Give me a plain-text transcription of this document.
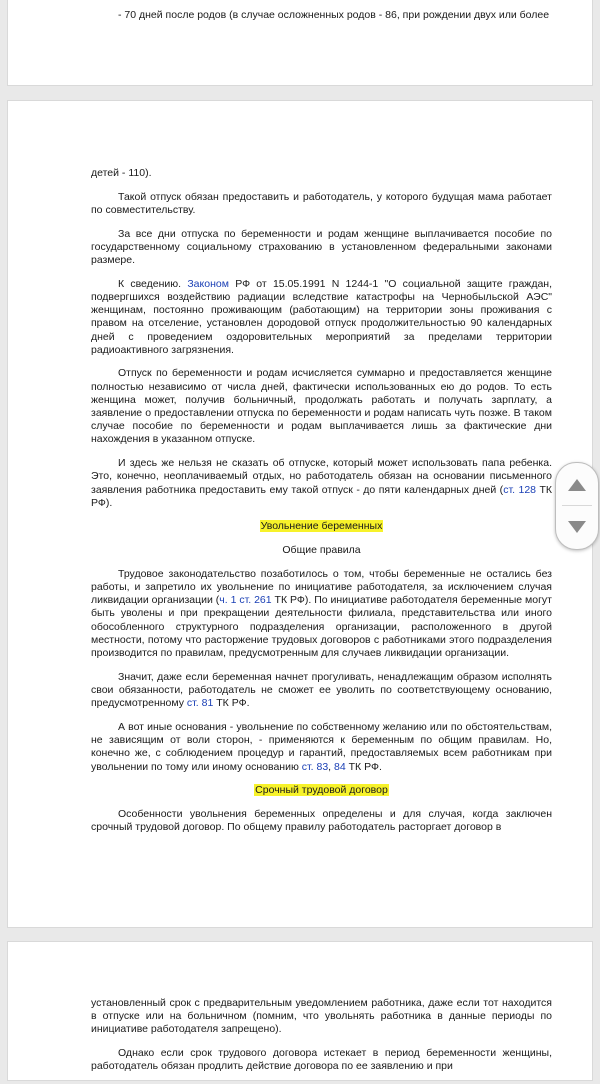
- 70 дней после родов (в случае осложненных родов - 86, при рождении двух или более

детей - 110).

Такой отпуск обязан предоставить и работодатель, у которого будущая мама работает по совместительству.

За все дни отпуска по беременности и родам женщине выплачивается пособие по государственному социальному страхованию в установленном федеральными законами размере.

К сведению. Законом РФ от 15.05.1991 N 1244-1 "О социальной защите граждан, подвергшихся воздействию радиации вследствие катастрофы на Чернобыльской АЭС" женщинам, постоянно проживающим (работающим) на территории зоны проживания с правом на отселение, установлен дородовой отпуск продолжительностью 90 календарных дней с проведением оздоровительных мероприятий за пределами территории радиоактивного загрязнения.

Отпуск по беременности и родам исчисляется суммарно и предоставляется женщине полностью независимо от числа дней, фактически использованных ею до родов. То есть женщина может, получив больничный, продолжать работать и получать зарплату, а заявление о предоставлении отпуска по беременности и родам написать чуть позже. В таком случае пособие по беременности и родам выплачивается лишь за фактические дни нахождения в указанном отпуске.

И здесь же нельзя не сказать об отпуске, который может использовать папа ребенка. Это, конечно, неоплачиваемый отдых, но работодатель обязан на основании письменного заявления работника предоставить ему такой отпуск - до пяти календарных дней (ст. 128 ТК РФ).

Увольнение беременных

Общие правила

Трудовое законодательство позаботилось о том, чтобы беременные не остались без работы, и запретило их увольнение по инициативе работодателя, за исключением случая ликвидации организации (ч. 1 ст. 261 ТК РФ). По инициативе работодателя беременные могут быть уволены и при прекращении деятельности филиала, представительства или иного обособленного структурного подразделения организации, расположенного в другой местности, потому что расторжение трудовых договоров с работниками этого подразделения производится по правилам, предусмотренным для случаев ликвидации организации.

Значит, даже если беременная начнет прогуливать, ненадлежащим образом исполнять свои обязанности, работодатель не сможет ее уволить по соответствующему основанию, предусмотренному ст. 81 ТК РФ.

А вот иные основания - увольнение по собственному желанию или по обстоятельствам, не зависящим от воли сторон, - применяются к беременным по общим правилам. Но, конечно же, с соблюдением процедур и гарантий, предоставляемых всем работникам при увольнении по тому или иному основанию ст. 83, 84 ТК РФ.

Срочный трудовой договор

Особенности увольнения беременных определены и для случая, когда заключен срочный трудовой договор. По общему правилу работодатель расторгает договор в

установленный срок с предварительным уведомлением работника, даже если тот находится в отпуске или на больничном (помним, что увольнять работника в данные периоды по инициативе работодателя запрещено).

Однако если срок трудового договора истекает в период беременности женщины, работодатель обязан продлить действие договора по ее заявлению и при
